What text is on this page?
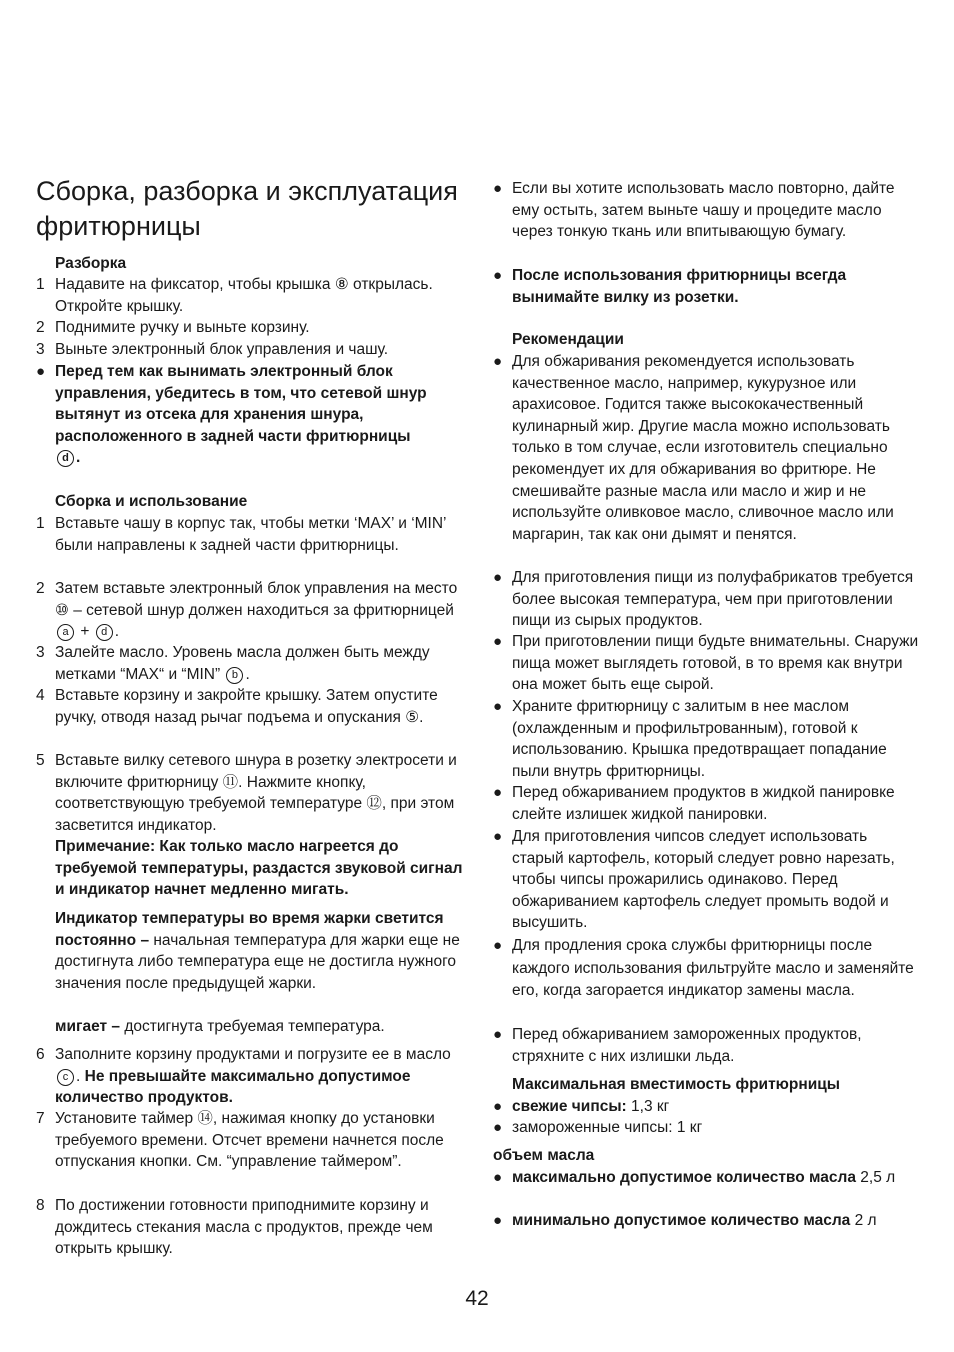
Сборка, разборка и эксплуатация фритюрницы
Разборка
1 Надавите на фиксатор, чтобы крышка ⑧ открылась. Откройте крышку.
2 Поднимите ручку и выньте корзину.
3 Выньте электронный блок управления и чашу.
● Перед тем как вынимать электронный блок управления, убедитесь в том, что сетевой шнур вытянут из отсека для хранения шнура, расположенного в задней части фритюрницы
d .
Сборка и использование
1 Вставьте чашу в корпус так, чтобы метки ‘MAX’ и ‘MIN’ были направлены к задней части фритюрницы.
2 Затем вставьте электронный блок управления на место ⑩ – сетевой шнур должен находиться за фритюрницей a + d .
3 Залейте масло. Уровень масла должен быть между метками “MAX“ и “MIN” b .
4 Вставьте корзину и закройте крышку. Затем опустите ручку, отводя назад рычаг подъема и опускания ⑤.
5 Вставьте вилку сетевого шнура в розетку электросети и включите фритюрницу ⑪. Нажмите кнопку, соответствующую требуемой температуре ⑫, при этом засветится индикатор.
Примечание: Как только масло нагреется до требуемой температуры, раздастся звуковой сигнал и индикатор начнет медленно мигать.
Индикатор температуры во время жарки светится постоянно – начальная температура для жарки еще не достигнута либо температура еще не достигла нужного значения после предыдущей жарки.
мигает – достигнута требуемая температура.
6 Заполните корзину продуктами и погрузите ее в масло c . Не превышайте максимально допустимое количество продуктов.
7 Установите таймер ⑭, нажимая кнопку до установки требуемого времени. Отсчет времени начнется после отпускания кнопки. См. “управление таймером”.
8 По достижении готовности приподнимите корзину и дождитесь стекания масла с продуктов, прежде чем открыть крышку.
● Если вы хотите использовать масло повторно, дайте ему остыть, затем выньте чашу и процедите масло через тонкую ткань или впитывающую бумагу.
● После использования фритюрницы всегда вынимайте вилку из розетки.
Рекомендации
● Для обжаривания рекомендуется использовать качественное масло, например, кукурузное или арахисовое. Годится также высококачественный кулинарный жир. Другие масла можно использовать только в том случае, если изготовитель специально рекомендует их для обжаривания во фритюре. Не смешивайте разные масла или масло и жир и не используйте оливковое масло, сливочное масло или маргарин, так как они дымят и пенятся.
● Для приготовления пищи из полуфабрикатов требуется более высокая температура, чем при приготовлении пищи из сырых продуктов.
● При приготовлении пищи будьте внимательны. Снаружи пища может выглядеть готовой, в то время как внутри она может быть еще сырой.
● Храните фритюрницу с залитым в нее маслом (охлажденным и профильтрованным), готовой к использованию. Крышка предотвращает попадание пыли внутрь фритюрницы.
● Перед обжариванием продуктов в жидкой панировке слейте излишек жидкой панировки.
● Для приготовления чипсов следует использовать старый картофель, который следует ровно нарезать, чтобы чипсы прожарились одинаково. Перед обжариванием картофель следует промыть водой и высушить.
● Для продления срока службы фритюрницы после каждого использования фильтруйте масло и заменяйте его, когда загорается индикатор замены масла.
● Перед обжариванием замороженных продуктов, стряхните с них излишки льда.
Максимальная вместимость фритюрницы
● свежие чипсы: 1,3 кг
● замороженные чипсы: 1 кг
объем масла
● максимально допустимое количество масла 2,5 л
● минимально допустимое количество масла 2 л
42
